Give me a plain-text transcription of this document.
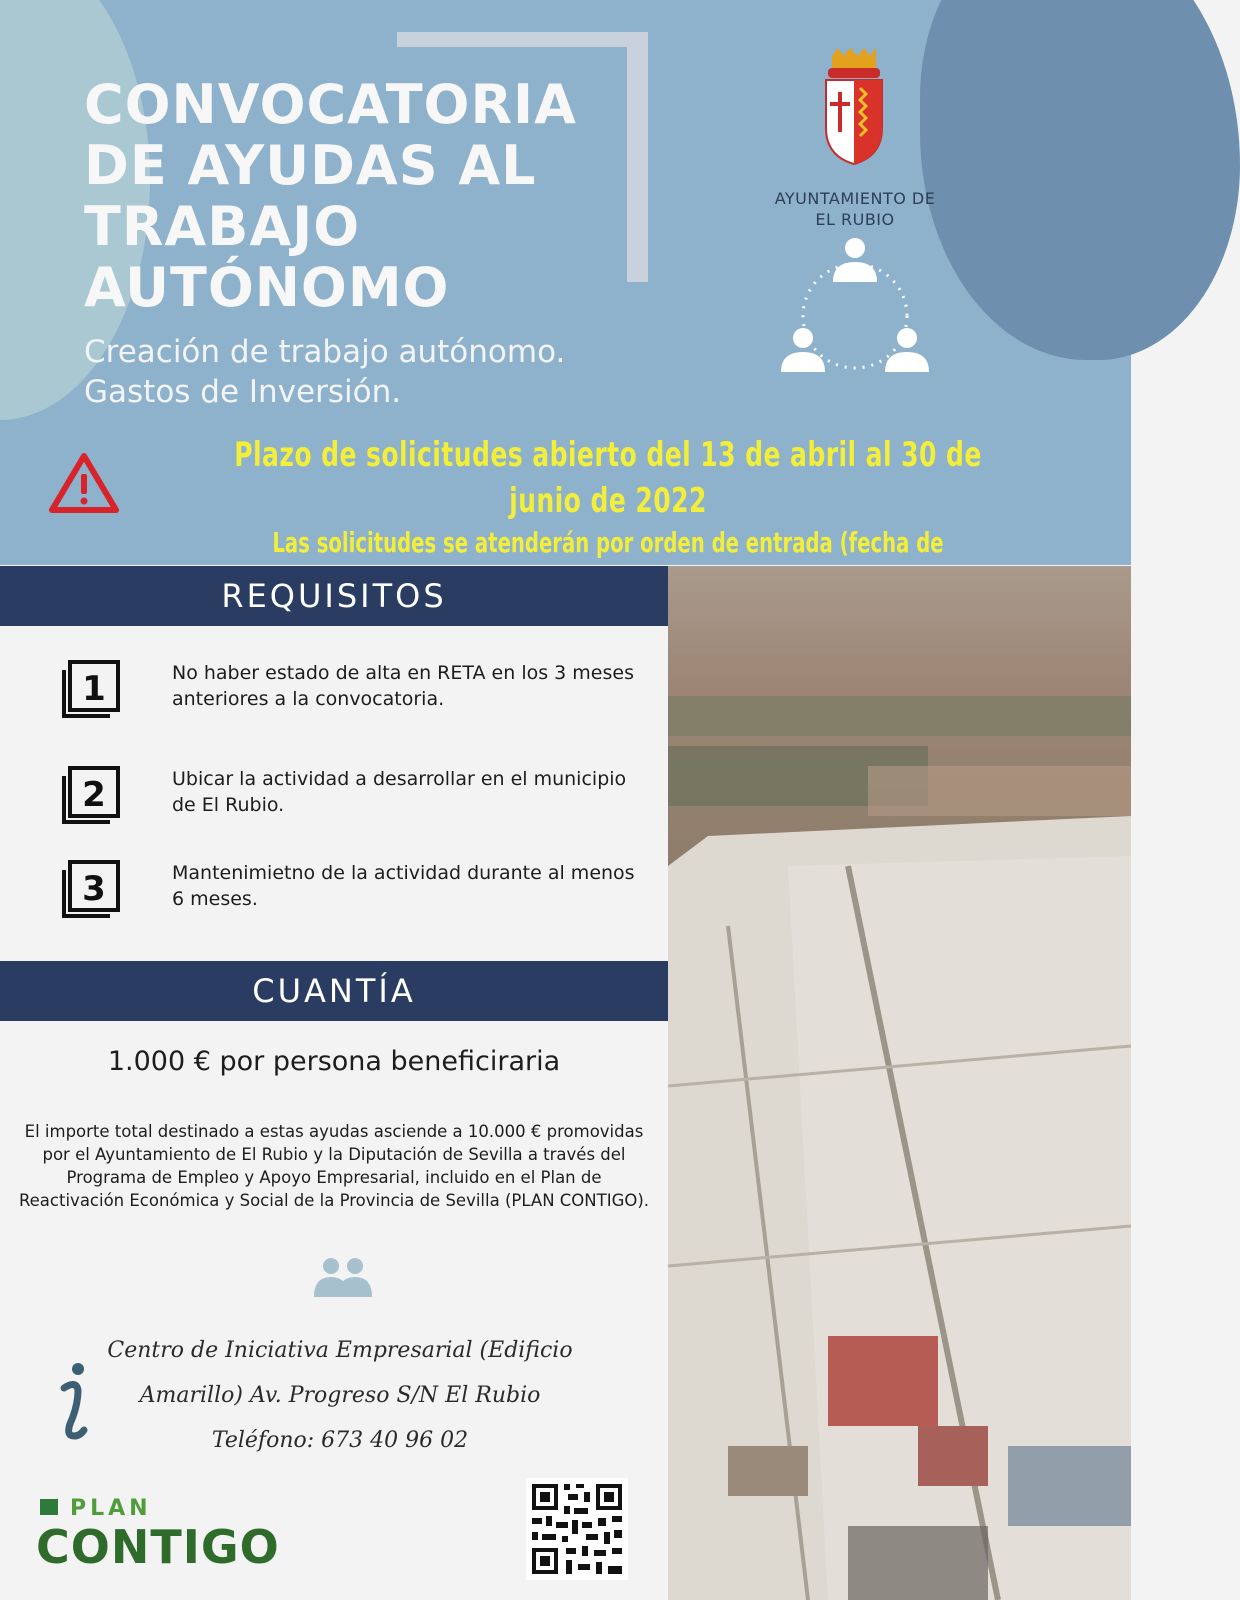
CONVOCATORIA
DE AYUDAS AL
TRABAJO
AUTÓNOMO
Creación de trabajo autónomo.
Gastos de Inversión.
AYUNTAMIENTO DE
EL RUBIO
Plazo de solicitudes abierto del 13 de abril al 30 de junio de 2022
Las solicitudes se atenderán por orden de entrada (fecha de
REQUISITOS
1	No haber estado de alta en RETA en los 3 meses anteriores a la convocatoria.
2	Ubicar la actividad a desarrollar en el municipio de El Rubio.
3	Mantenimietno de la actividad durante al menos 6 meses.
CUANTÍA
1.000 € por persona beneficiraria
El importe total destinado a estas ayudas asciende a 10.000 € promovidas por el Ayuntamiento de El Rubio y la Diputación de Sevilla a través del Programa de Empleo y Apoyo Empresarial, incluido en el Plan de Reactivación Económica y Social de la Provincia de Sevilla (PLAN CONTIGO).
Centro de Iniciativa Empresarial (Edificio
Amarillo) Av. Progreso S/N El Rubio
Teléfono: 673 40 96 02
PLAN
CONTIGO
